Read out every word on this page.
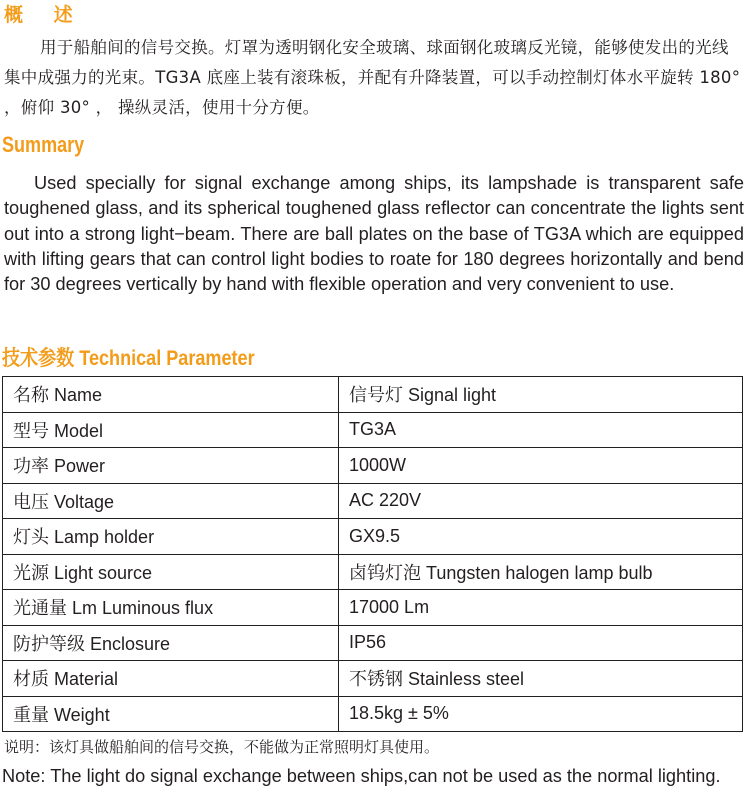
概 述
用于船舶间的信号交换。灯罩为透明钢化安全玻璃、球面钢化玻璃反光镜，能够使发出的光线集中成强力的光束。TG3A 底座上装有滚珠板，并配有升降装置，可以手动控制灯体水平旋转 180° ，俯仰 30° ， 操纵灵活，使用十分方便。
Summary
Used specially for signal exchange among ships, its lampshade is transparent safe toughened glass, and its spherical toughened glass reflector can concentrate the lights sent out into a strong light−beam. There are ball plates on the base of TG3A which are equipped with lifting gears that can control light bodies to roate for 180 degrees horizontally and bend for 30 degrees vertically by hand with flexible operation and very convenient to use.
技术参数 Technical Parameter
名称 Name	信号灯 Signal light
型号 Model	TG3A
功率 Power	1000W
电压 Voltage	AC 220V
灯头 Lamp holder	GX9.5
光源 Light source	卤钨灯泡 Tungsten halogen lamp bulb
光通量 Lm Luminous flux	17000 Lm
防护等级 Enclosure	IP56
材质 Material	不锈钢 Stainless steel
重量 Weight	18.5kg ± 5%
说明：该灯具做船舶间的信号交换，不能做为正常照明灯具使用。
Note: The light do signal exchange between ships,can not be used as the normal lighting.
